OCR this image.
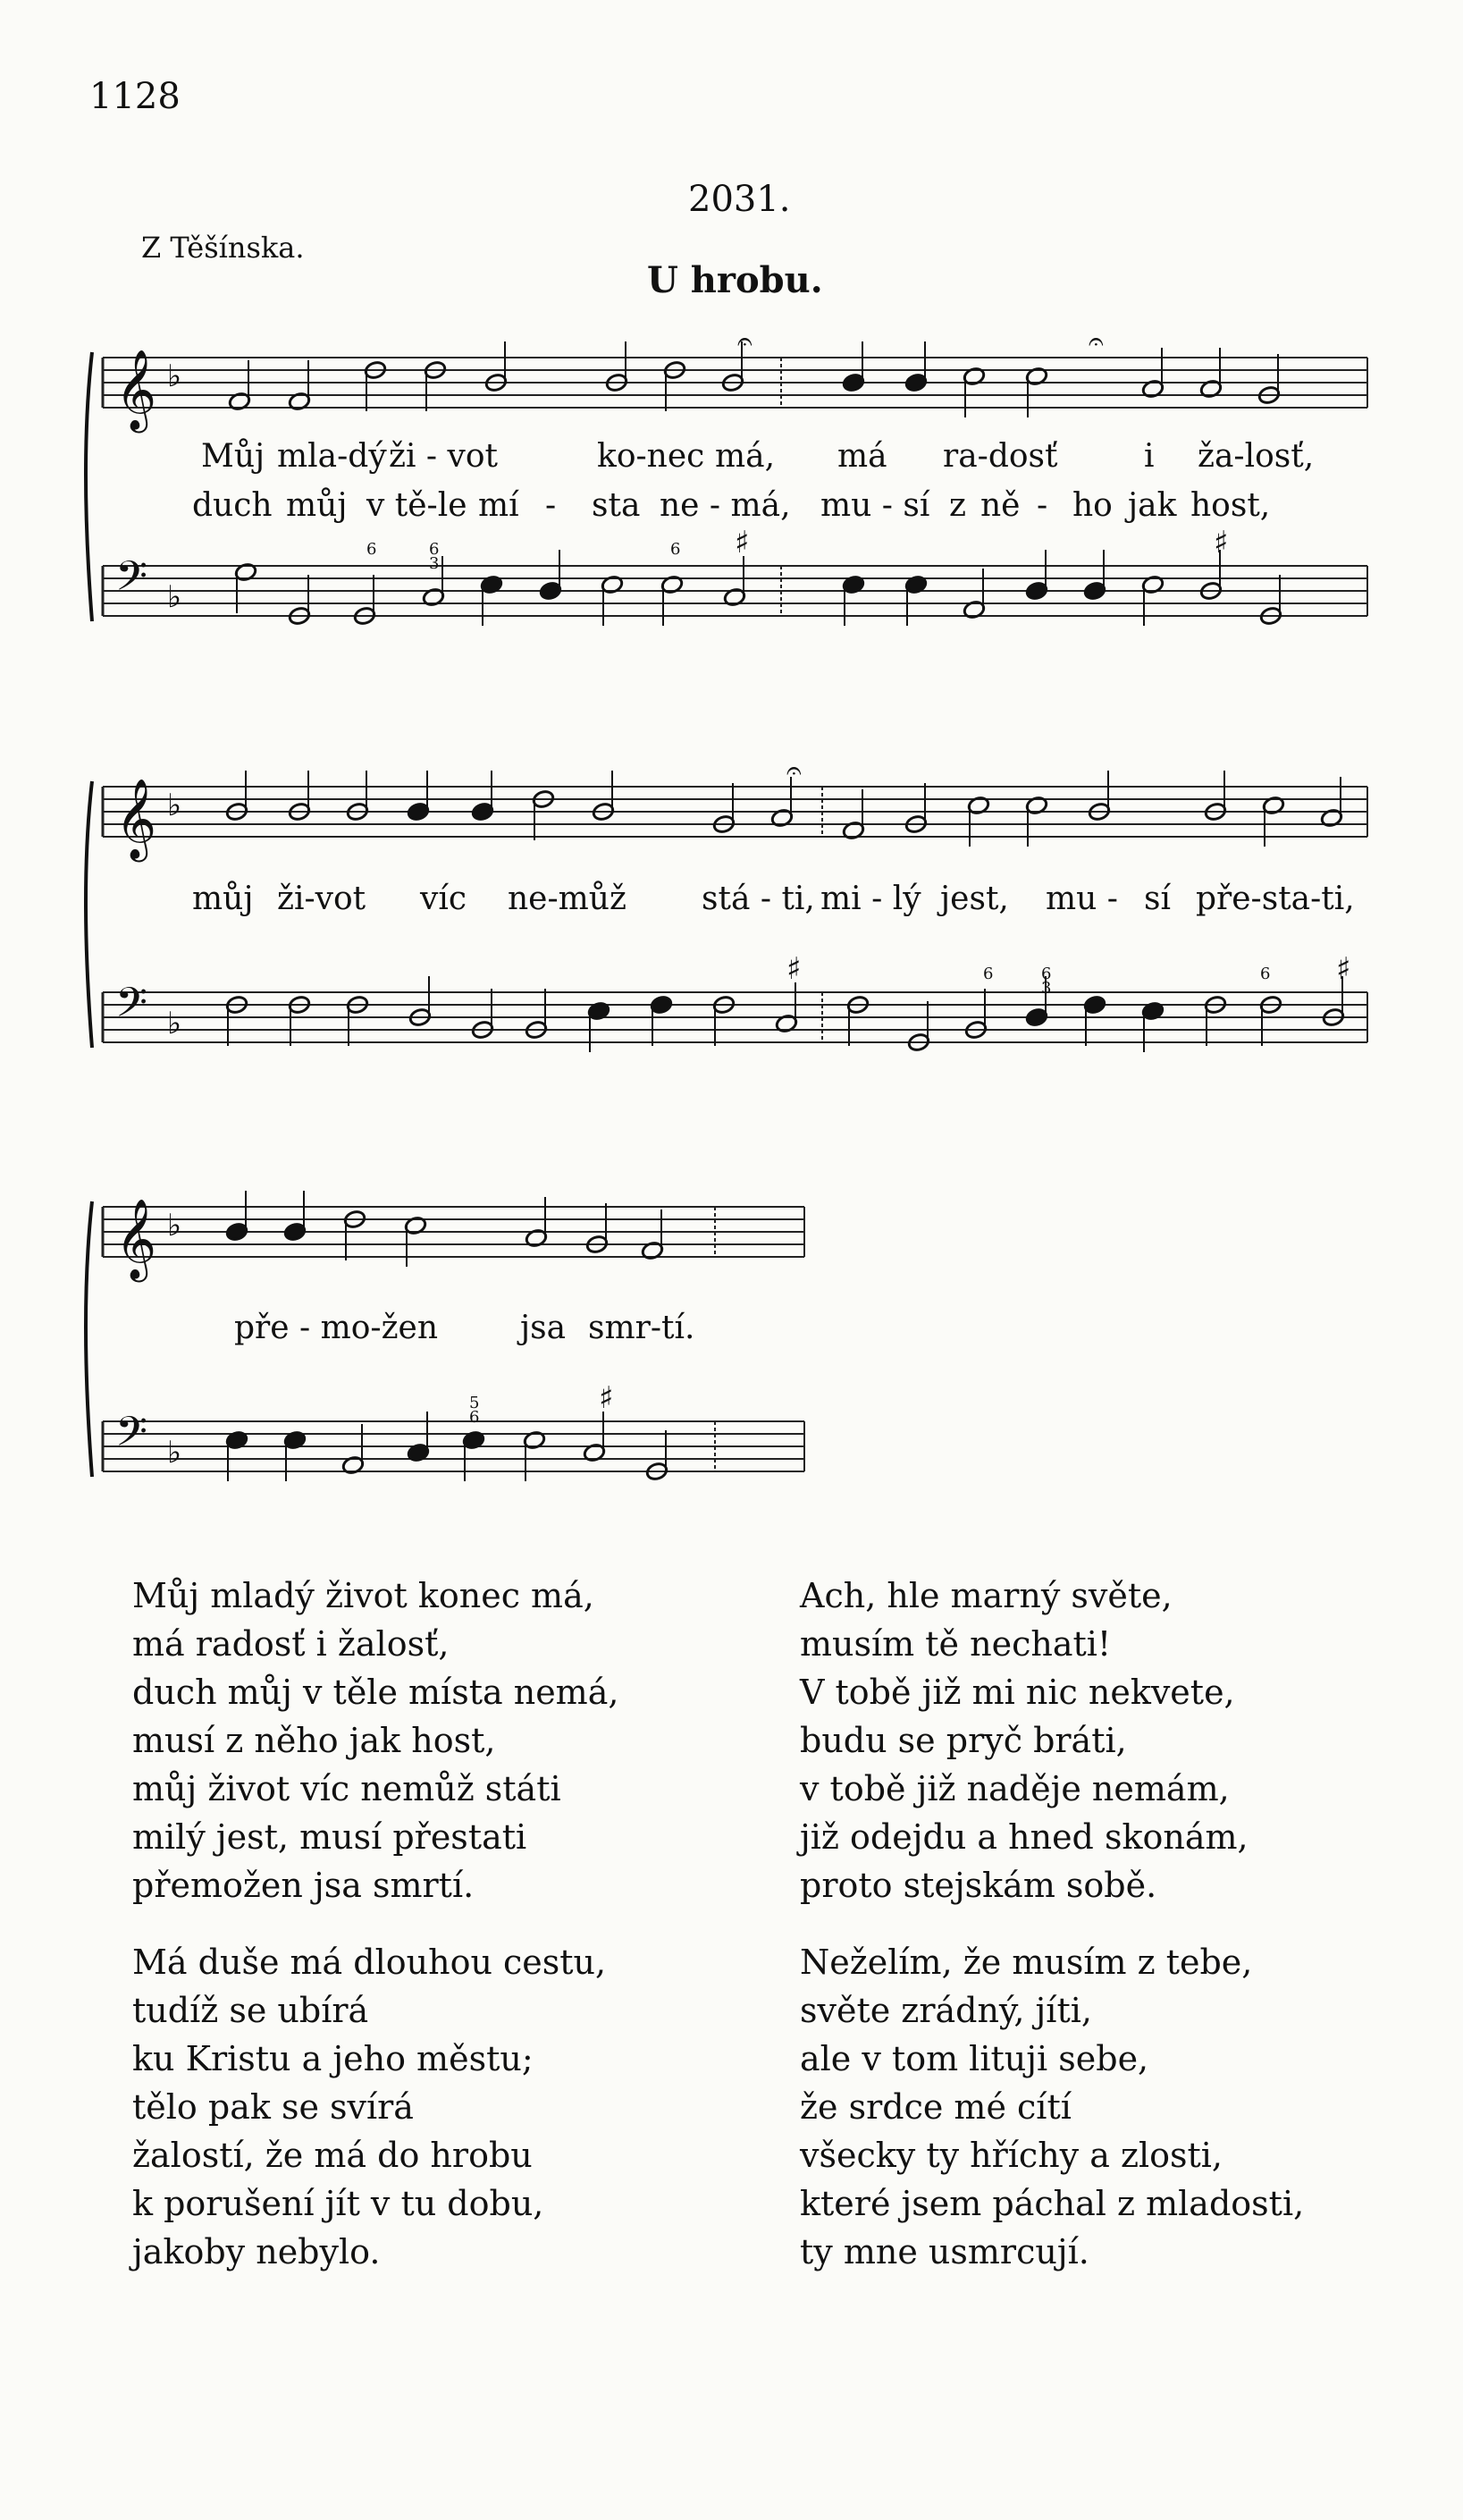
1128
2031.
Z Těšínska.
U hrobu.
𝄞
𝄢
♭
♭
𝄞
𝄢
♭
♭
𝄞
𝄢
♭
♭
♯	♯
♯	♯
♯
𝄐	𝄐
𝄐
6	6
3
6
6	6
3
6
5
6
Můj mla-dý ži - vot	ko-nec má, má ra-dosť	i ža-losť,
duch můj v tě-le mí - sta ne - má, mu - sí z ně - ho jak host,
můj ži-vot víc ne-můž stá - ti, mi - lý jest, mu - sí pře-sta-ti,
pře - mo-žen	jsa smr-tí.
Můj mladý život konec má,
má radosť i žalosť,
duch můj v těle místa nemá,
musí z něho jak host,
můj život víc nemůž státi
milý jest, musí přestati
přemožen jsa smrtí.
Má duše má dlouhou cestu,
tudíž se ubírá
ku Kristu a jeho městu;
tělo pak se svírá
žalostí, že má do hrobu
k porušení jít v tu dobu,
jakoby nebylo.
Ach, hle marný světe,
musím tě nechati!
V tobě již mi nic nekvete,
budu se pryč bráti,
v tobě již naděje nemám,
již odejdu a hned skonám,
proto stejskám sobě.
Neželím, že musím z tebe,
světe zrádný, jíti,
ale v tom lituji sebe,
že srdce mé cítí
všecky ty hříchy a zlosti,
které jsem páchal z mladosti,
ty mne usmrcují.
